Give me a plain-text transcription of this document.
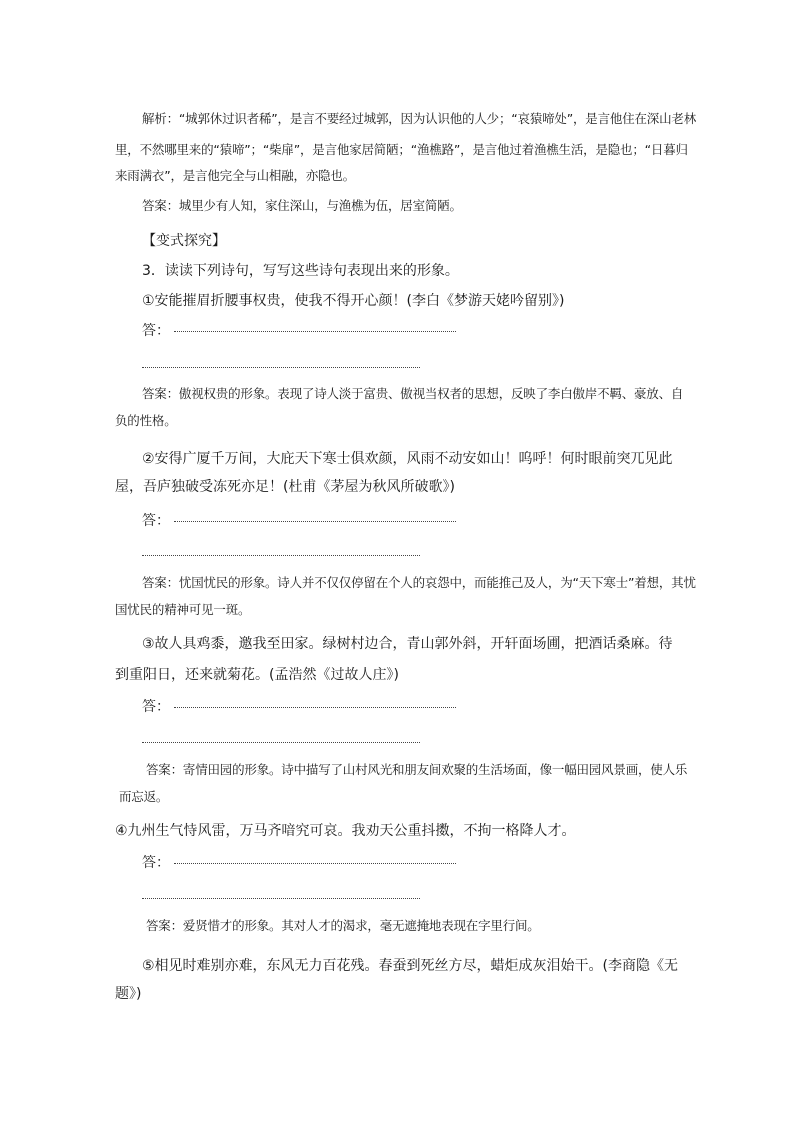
解析：“城郭休过识者稀”，是言不要经过城郭，因为认识他的人少；“哀猿啼处”，是言他住在深山老林
里，不然哪里来的“猿啼”；“柴扉”，是言他家居简陋；“渔樵路”，是言他过着渔樵生活，是隐也；“日暮归
来雨满衣”，是言他完全与山相融，亦隐也。
答案：城里少有人知，家住深山，与渔樵为伍，居室简陋。
【变式探究】
3．读读下列诗句，写写这些诗句表现出来的形象。
①安能摧眉折腰事权贵，使我不得开心颜！(李白《梦游天姥吟留别》)
答：
答案：傲视权贵的形象。表现了诗人淡于富贵、傲视当权者的思想，反映了李白傲岸不羁、豪放、自
负的性格。
②安得广厦千万间，大庇天下寒士俱欢颜，风雨不动安如山！呜呼！何时眼前突兀见此
屋，吾庐独破受冻死亦足！(杜甫《茅屋为秋风所破歌》)
答：
答案：忧国忧民的形象。诗人并不仅仅停留在个人的哀怨中，而能推己及人，为“天下寒士”着想，其忧
国忧民的精神可见一斑。
③故人具鸡黍，邀我至田家。绿树村边合，青山郭外斜，开轩面场圃，把酒话桑麻。待
到重阳日，还来就菊花。(孟浩然《过故人庄》)
答：
答案：寄情田园的形象。诗中描写了山村风光和朋友间欢聚的生活场面，像一幅田园风景画，使人乐
而忘返。
④九州生气恃风雷，万马齐喑究可哀。我劝天公重抖擞，不拘一格降人才。
答：
答案：爱贤惜才的形象。其对人才的渴求，毫无遮掩地表现在字里行间。
⑤相见时难别亦难，东风无力百花残。春蚕到死丝方尽，蜡炬成灰泪始干。(李商隐《无
题》)
